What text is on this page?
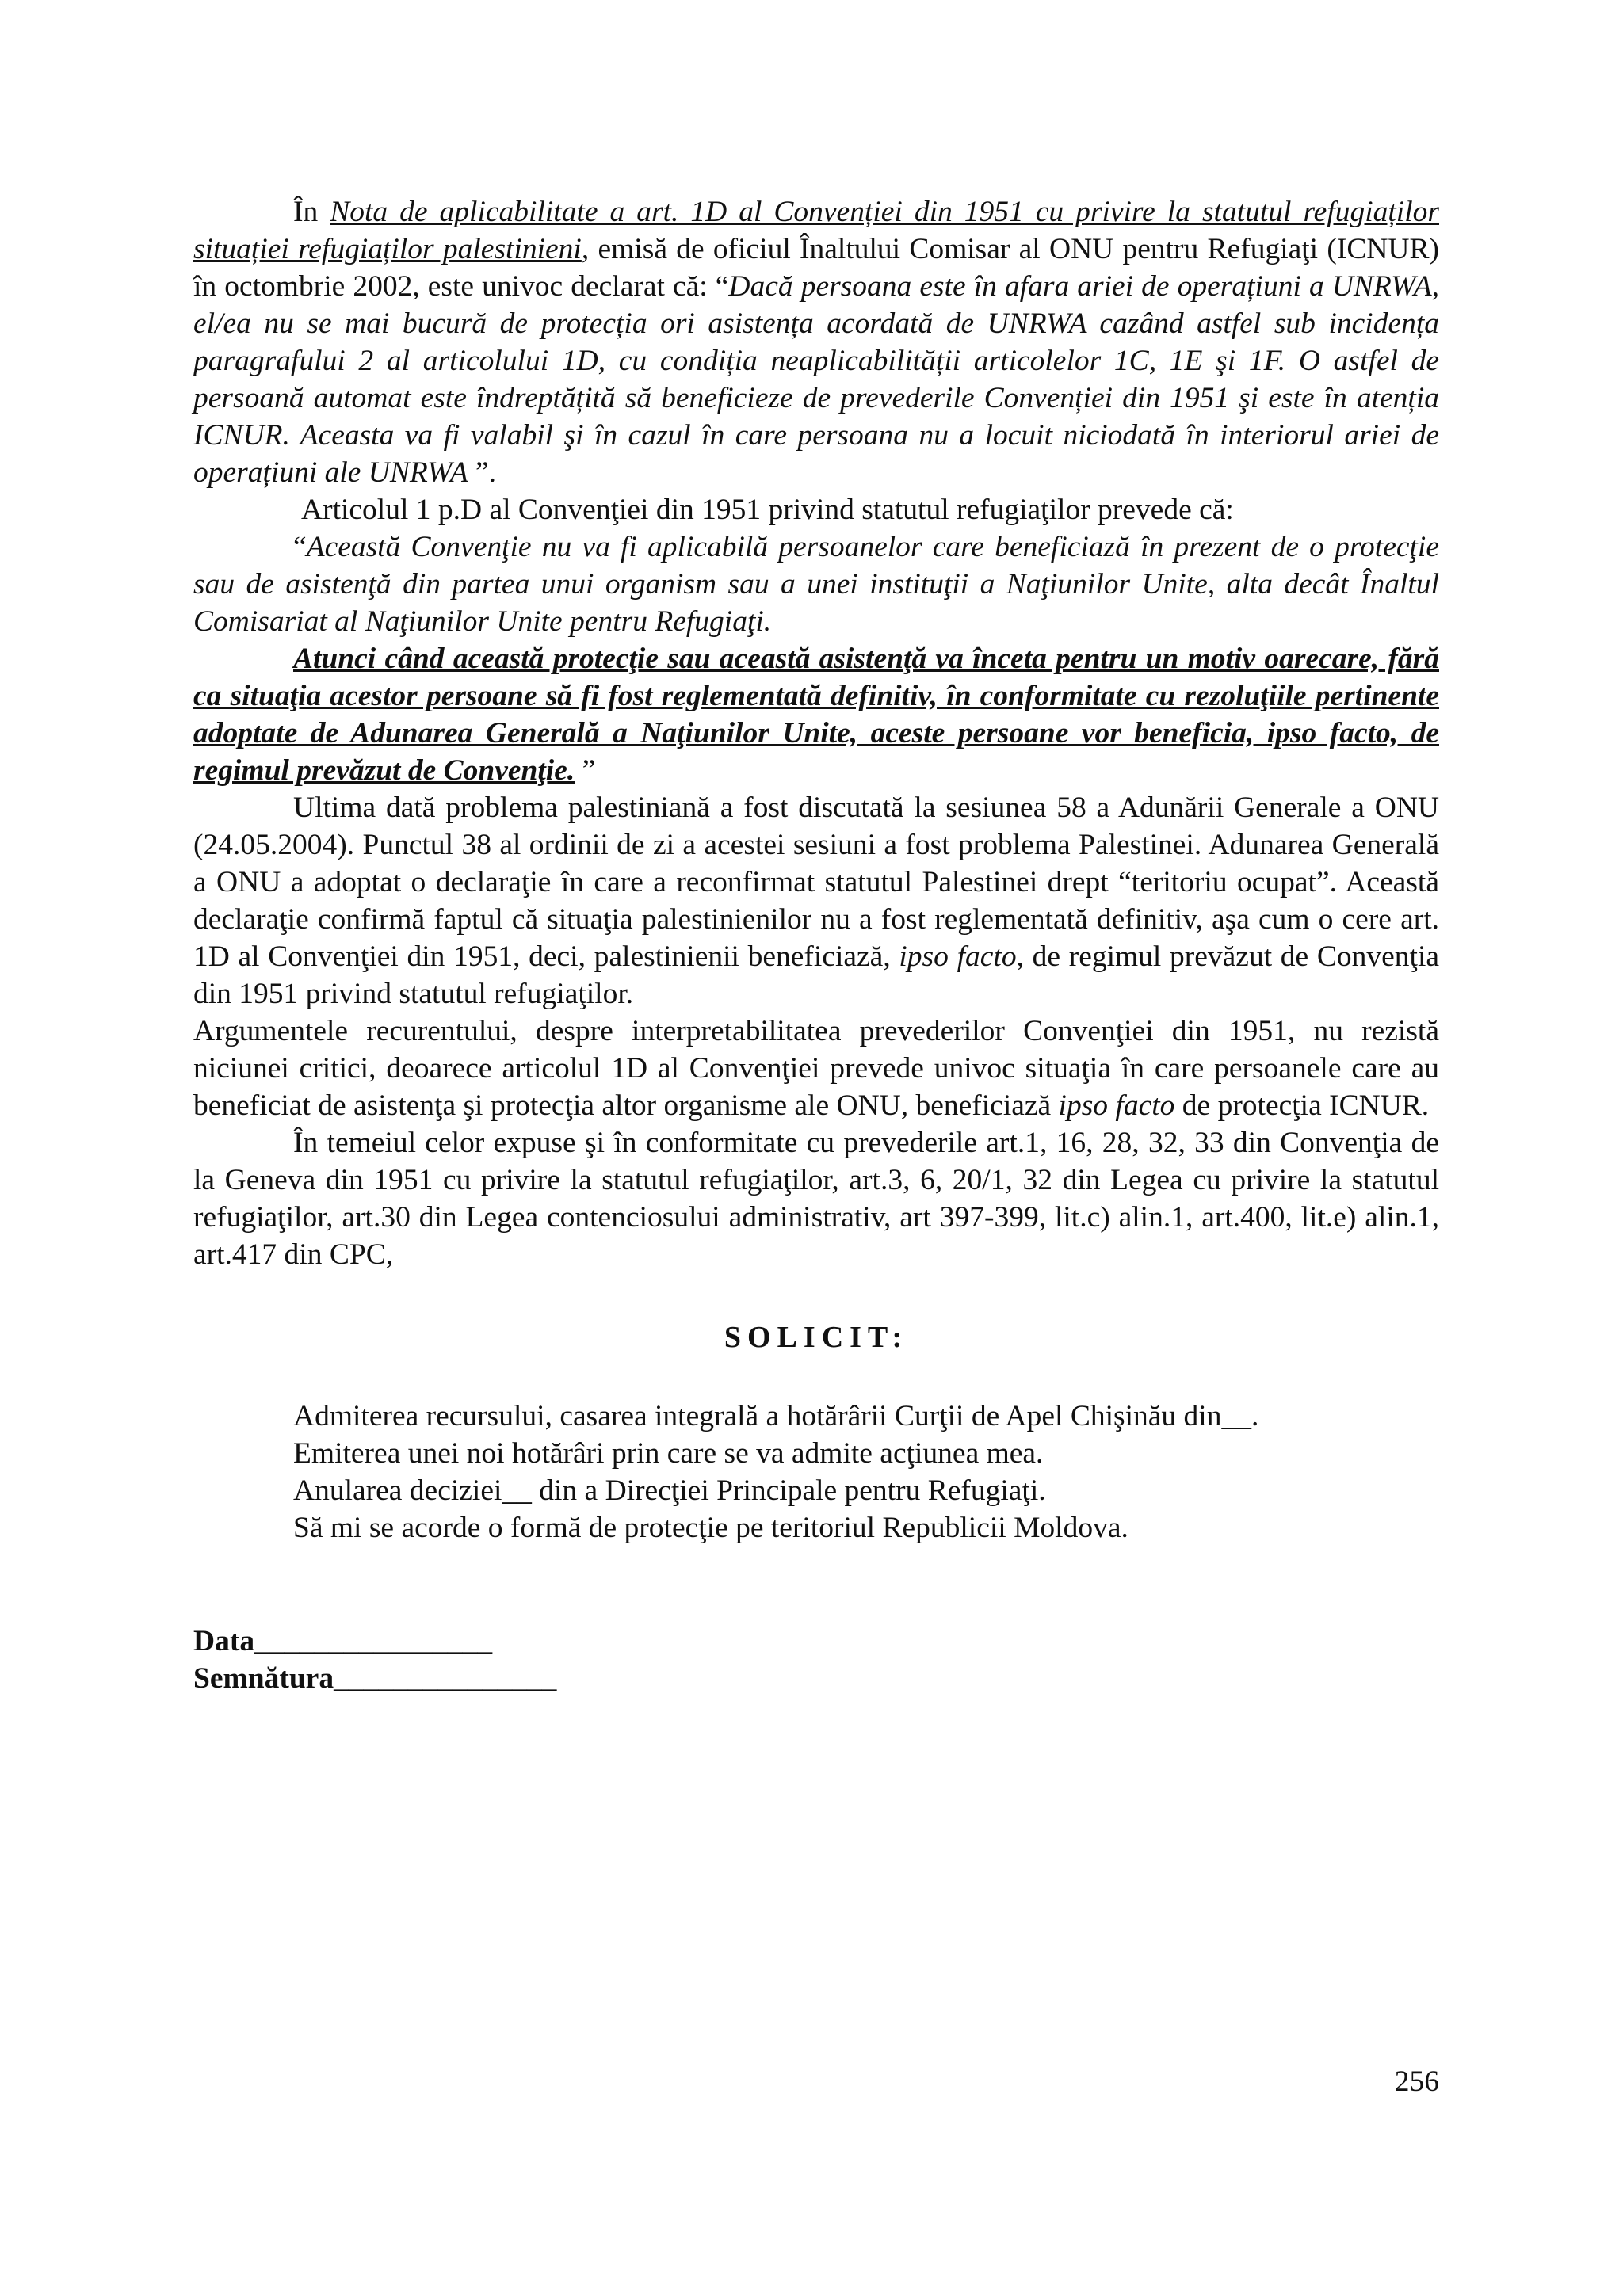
În Nota de aplicabilitate a art. 1D al Convenției din 1951 cu privire la statutul refugiaților situației refugiaților palestinieni, emisă de oficiul Înaltului Comisar al ONU pentru Refugiaţi (ICNUR) în octombrie 2002, este univoc declarat că: “Dacă persoana este în afara ariei de operațiuni a UNRWA, el/ea nu se mai bucură de protecția ori asistența acordată de UNRWA cazând astfel sub incidența paragrafului 2 al articolului 1D, cu condiția neaplicabilității articolelor 1C, 1E şi 1F. O astfel de persoană automat este îndreptățită să beneficieze de prevederile Convenției din 1951 şi este în atenția ICNUR. Aceasta va fi valabil şi în cazul în care persoana nu a locuit niciodată în interiorul ariei de operațiuni ale UNRWA ”.

Articolul 1 p.D al Convenţiei din 1951 privind statutul refugiaţilor prevede că:

“Această Convenţie nu va fi aplicabilă persoanelor care beneficiază în prezent de o protecţie sau de asistenţă din partea unui organism sau a unei instituţii a Naţiunilor Unite, alta decât Înaltul Comisariat al Naţiunilor Unite pentru Refugiaţi.

Atunci când această protecţie sau această asistenţă va înceta pentru un motiv oarecare, fără ca situaţia acestor persoane să fi fost reglementată definitiv, în conformitate cu rezoluţiile pertinente adoptate de Adunarea Generală a Naţiunilor Unite, aceste persoane vor beneficia, ipso facto, de regimul prevăzut de Convenţie. ”

Ultima dată problema palestiniană a fost discutată la sesiunea 58 a Adunării Generale a ONU (24.05.2004). Punctul 38 al ordinii de zi a acestei sesiuni a fost problema Palestinei. Adunarea Generală a ONU a adoptat o declaraţie în care a reconfirmat statutul Palestinei drept “teritoriu ocupat”. Această declaraţie confirmă faptul că situaţia palestinienilor nu a fost reglementată definitiv, aşa cum o cere art. 1D al Convenţiei din 1951, deci, palestinienii beneficiază, ipso facto, de regimul prevăzut de Convenţia din 1951 privind statutul refugiaţilor.

Argumentele recurentului, despre interpretabilitatea prevederilor Convenţiei din 1951, nu rezistă niciunei critici, deoarece articolul 1D al Convenţiei prevede univoc situaţia în care persoanele care au beneficiat de asistenţa şi protecţia altor organisme ale ONU, beneficiază ipso facto de protecţia ICNUR.

În temeiul celor expuse şi în conformitate cu prevederile art.1, 16, 28, 32, 33 din Convenţia de la Geneva din 1951 cu privire la statutul refugiaţilor, art.3, 6, 20/1, 32 din Legea cu privire la statutul refugiaţilor, art.30 din Legea contenciosului administrativ, art 397-399, lit.c) alin.1, art.400, lit.e) alin.1, art.417 din CPC,

SOLICIT:

Admiterea recursului, casarea integrală a hotărârii Curţii de Apel Chişinău din__.

Emiterea unei noi hotărâri prin care se va admite acţiunea mea.

Anularea deciziei__ din a Direcţiei Principale pentru Refugiaţi.

Să mi se acorde o formă de protecţie pe teritoriul Republicii Moldova.

Data________________

Semnătura_______________

256
